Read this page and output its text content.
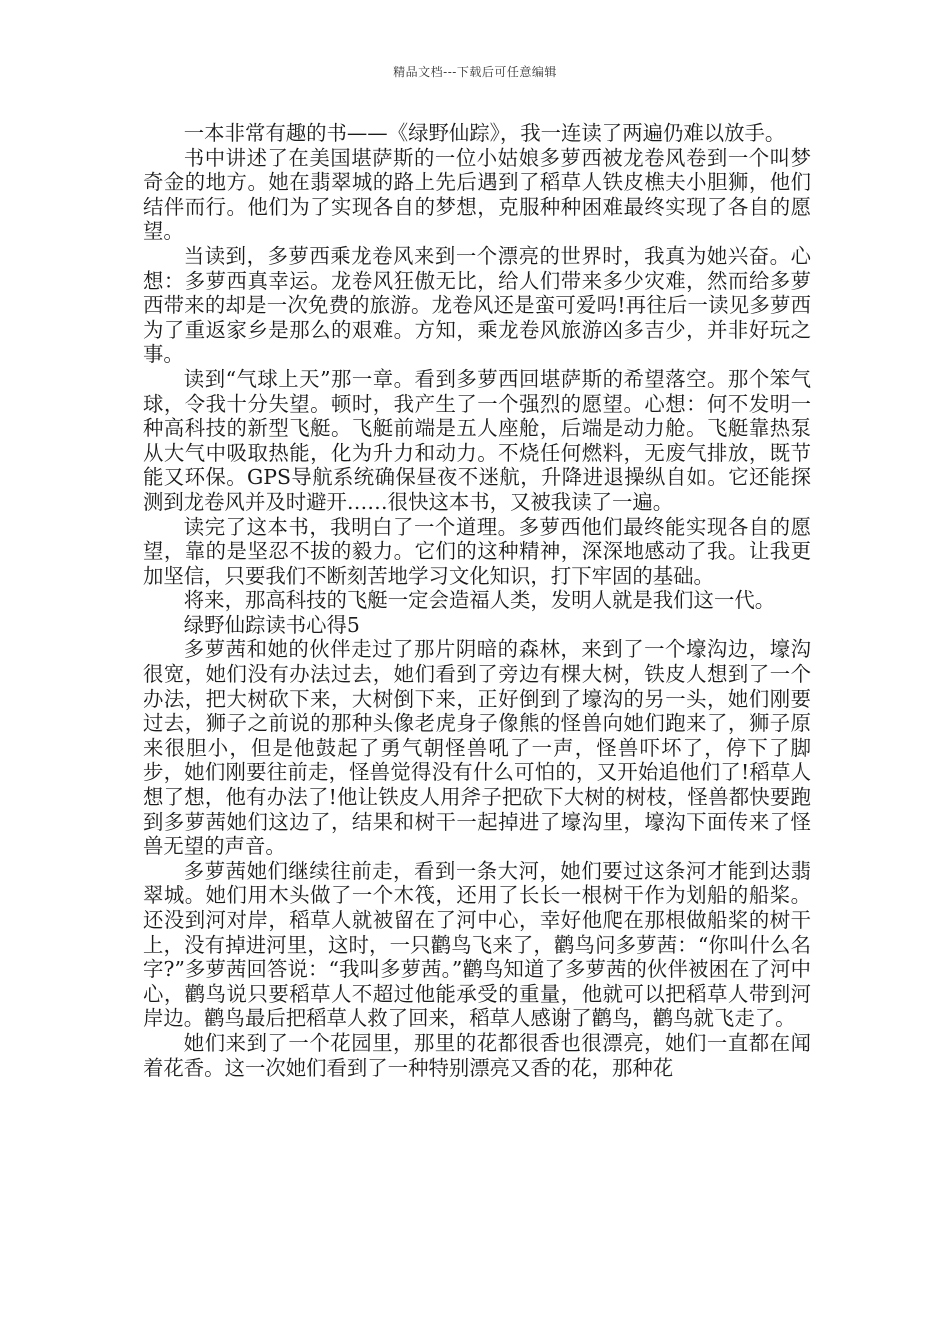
精品文档---下载后可任意编辑

一本非常有趣的书——《绿野仙踪》，我一连读了两遍仍难以放手。

书中讲述了在美国堪萨斯的一位小姑娘多萝西被龙卷风卷到一个叫梦奇金的地方。她在翡翠城的路上先后遇到了稻草人铁皮樵夫小胆狮，他们结伴而行。他们为了实现各自的梦想，克服种种困难最终实现了各自的愿望。

当读到，多萝西乘龙卷风来到一个漂亮的世界时，我真为她兴奋。心想：多萝西真幸运。龙卷风狂傲无比，给人们带来多少灾难，然而给多萝西带来的却是一次免费的旅游。龙卷风还是蛮可爱吗!再往后一读见多萝西为了重返家乡是那么的艰难。方知，乘龙卷风旅游凶多吉少，并非好玩之事。

读到“气球上天”那一章。看到多萝西回堪萨斯的希望落空。那个笨气球，令我十分失望。顿时，我产生了一个强烈的愿望。心想：何不发明一种高科技的新型飞艇。飞艇前端是五人座舱，后端是动力舱。飞艇靠热泵从大气中吸取热能，化为升力和动力。不烧任何燃料，无废气排放，既节能又环保。GPS导航系统确保昼夜不迷航，升降进退操纵自如。它还能探测到龙卷风并及时避开……很快这本书，又被我读了一遍。

读完了这本书，我明白了一个道理。多萝西他们最终能实现各自的愿望，靠的是坚忍不拔的毅力。它们的这种精神，深深地感动了我。让我更加坚信，只要我们不断刻苦地学习文化知识，打下牢固的基础。

将来，那高科技的飞艇一定会造福人类，发明人就是我们这一代。

绿野仙踪读书心得5

多萝茜和她的伙伴走过了那片阴暗的森林，来到了一个壕沟边，壕沟很宽，她们没有办法过去，她们看到了旁边有棵大树，铁皮人想到了一个办法，把大树砍下来，大树倒下来，正好倒到了壕沟的另一头，她们刚要过去，狮子之前说的那种头像老虎身子像熊的怪兽向她们跑来了，狮子原来很胆小，但是他鼓起了勇气朝怪兽吼了一声，怪兽吓坏了，停下了脚步，她们刚要往前走，怪兽觉得没有什么可怕的，又开始追他们了!稻草人想了想，他有办法了!他让铁皮人用斧子把砍下大树的树枝，怪兽都快要跑到多萝茜她们这边了，结果和树干一起掉进了壕沟里，壕沟下面传来了怪兽无望的声音。

多萝茜她们继续往前走，看到一条大河，她们要过这条河才能到达翡翠城。她们用木头做了一个木筏，还用了长长一根树干作为划船的船桨。还没到河对岸，稻草人就被留在了河中心，幸好他爬在那根做船桨的树干上，没有掉进河里，这时，一只鹳鸟飞来了，鹳鸟问多萝茜：“你叫什么名字?”多萝茜回答说：“我叫多萝茜。”鹳鸟知道了多萝茜的伙伴被困在了河中心，鹳鸟说只要稻草人不超过他能承受的重量，他就可以把稻草人带到河岸边。鹳鸟最后把稻草人救了回来，稻草人感谢了鹳鸟，鹳鸟就飞走了。

她们来到了一个花园里，那里的花都很香也很漂亮，她们一直都在闻着花香。这一次她们看到了一种特别漂亮又香的花，那种花
